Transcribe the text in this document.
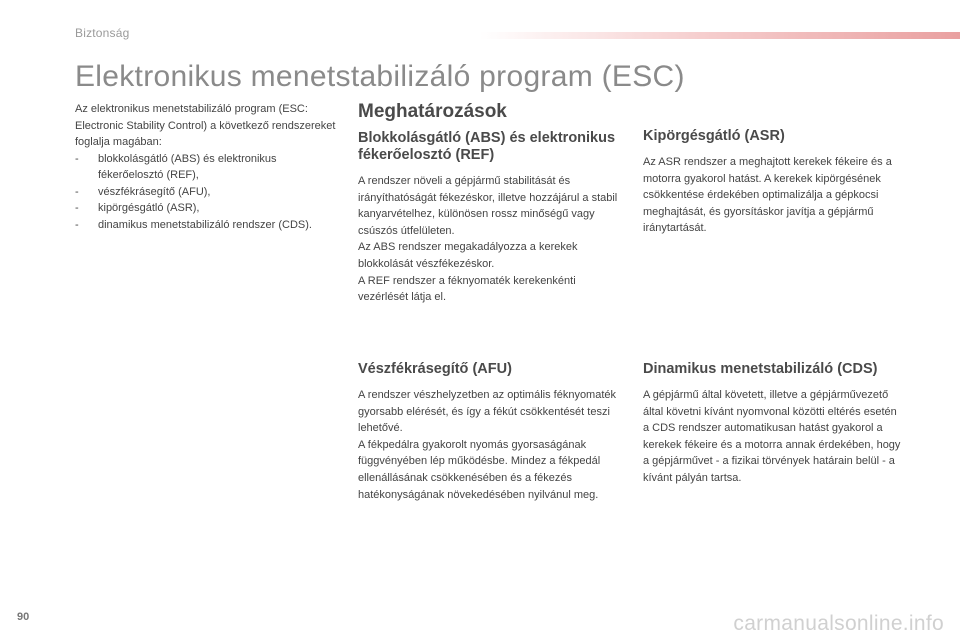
Biztonság
Elektronikus menetstabilizáló program (ESC)

Az elektronikus menetstabilizáló program (ESC: Electronic Stability Control) a következő rendszereket foglalja magában:

- blokkolásgátló (ABS) és elektronikus fékerőelosztó (REF),
- vészfékrásegítő (AFU),
- kipörgésgátló (ASR),
- dinamikus menetstabilizáló rendszer (CDS).
Meghatározások
Blokkolásgátló (ABS) és elektronikus fékerőelosztó (REF)
A rendszer növeli a gépjármű stabilitását és irányíthatóságát fékezéskor, illetve hozzájárul a stabil kanyarvételhez, különösen rossz minőségű vagy csúszós útfelületen.
Az ABS rendszer megakadályozza a kerekek blokkolását vészfékezéskor.
A REF rendszer a féknyomaték kerekenkénti vezérlését látja el.
Kipörgésgátló (ASR)
Az ASR rendszer a meghajtott kerekek fékeire és a motorra gyakorol hatást. A kerekek kipörgésének csökkentése érdekében optimalizálja a gépkocsi meghajtását, és gyorsításkor javítja a gépjármű iránytartását.
Vészfékrásegítő (AFU)
A rendszer vészhelyzetben az optimális féknyomaték gyorsabb elérését, és így a fékút csökkentését teszi lehetővé.
A fékpedálra gyakorolt nyomás gyorsaságának függvényében lép működésbe. Mindez a fékpedál ellenállásának csökkenésében és a fékezés hatékonyságának növekedésében nyilvánul meg.
Dinamikus menetstabilizáló (CDS)
A gépjármű által követett, illetve a gépjárművezető által követni kívánt nyomvonal közötti eltérés esetén a CDS rendszer automatikusan hatást gyakorol a kerekek fékeire és a motorra annak érdekében, hogy a gépjárművet - a fizikai törvények határain belül - a kívánt pályán tartsa.
90	carmanualsonline.info
